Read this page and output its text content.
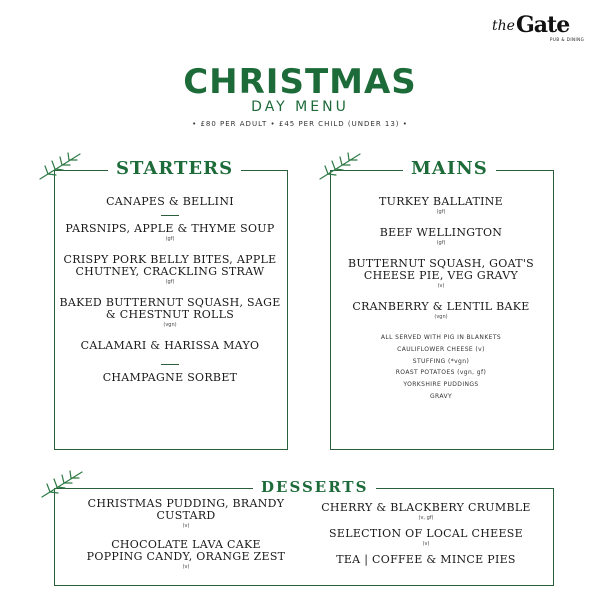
the Gate
PUB & DINING
CHRISTMAS
DAY MENU
• £80 PER ADULT • £45 PER CHILD (UNDER 13) •
STARTERS	MAINS
DESSERTS
CANAPES & BELLINI
PARSNIPS, APPLE & THYME SOUP
(gf)
CRISPY PORK BELLY BITES, APPLE CHUTNEY, CRACKLING STRAW
(gf)
BAKED BUTTERNUT SQUASH, SAGE & CHESTNUT ROLLS
(vgn)
CALAMARI & HARISSA MAYO
CHAMPAGNE SORBET
TURKEY BALLATINE
(gf)
BEEF WELLINGTON
(gf)
BUTTERNUT SQUASH, GOAT'S CHEESE PIE, VEG GRAVY
(v)
CRANBERRY & LENTIL BAKE
(vgn)
ALL SERVED WITH PIG IN BLANKETS
CAULIFLOWER CHEESE (v)
STUFFING (*vgn)
ROAST POTATOES (vgn, gf)
YORKSHIRE PUDDINGS
GRAVY
CHRISTMAS PUDDING, BRANDY CUSTARD
(v)
CHOCOLATE LAVA CAKE POPPING CANDY, ORANGE ZEST
(v)
CHERRY & BLACKBERY CRUMBLE
(v, gf)
SELECTION OF LOCAL CHEESE
(v)
TEA | COFFEE & MINCE PIES
